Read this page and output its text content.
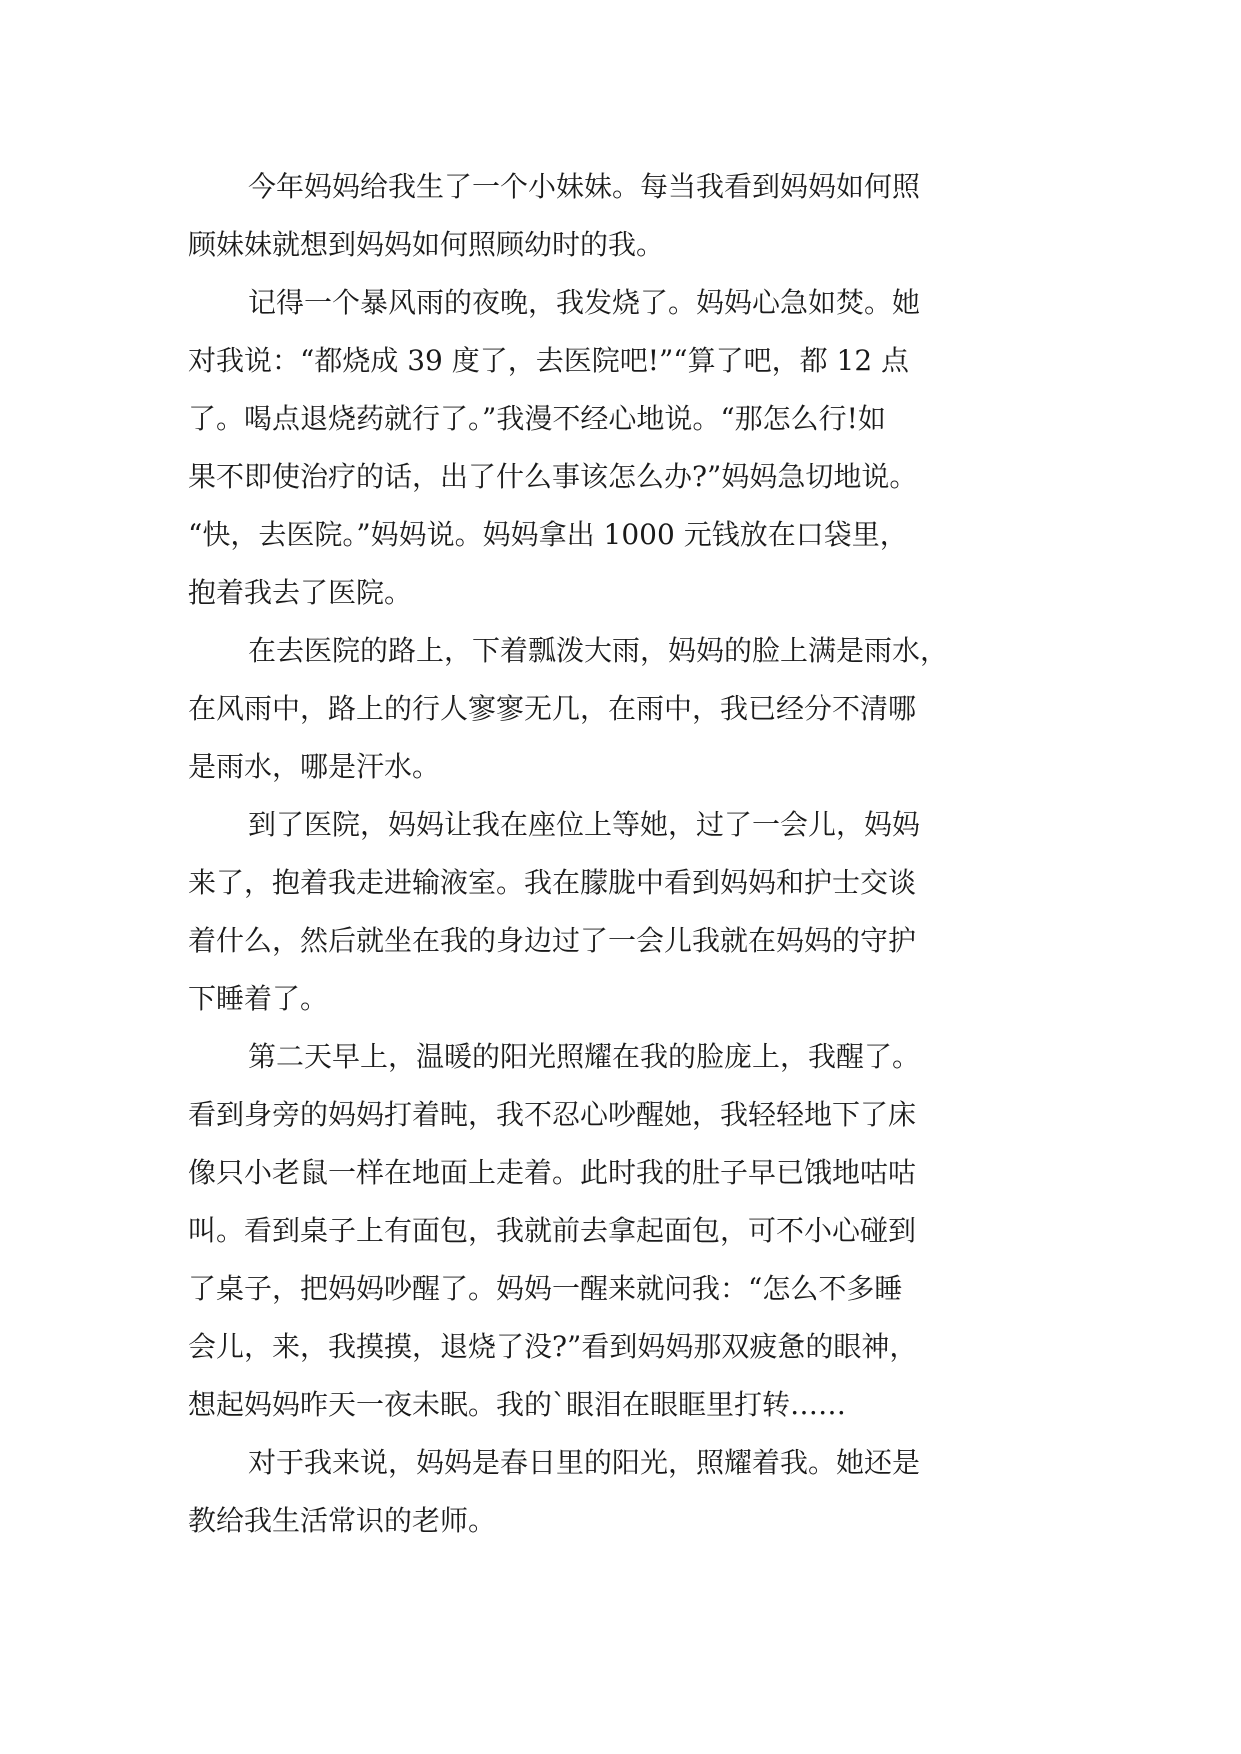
今年妈妈给我生了一个小妹妹。每当我看到妈妈如何照
顾妹妹就想到妈妈如何照顾幼时的我。
记得一个暴风雨的夜晚，我发烧了。妈妈心急如焚。她
对我说：“都烧成 39 度了，去医院吧!”“算了吧，都 12 点
了。喝点退烧药就行了。”我漫不经心地说。“那怎么行!如
果不即使治疗的话，出了什么事该怎么办?”妈妈急切地说。
“快，去医院。”妈妈说。妈妈拿出 1000 元钱放在口袋里，
抱着我去了医院。
在去医院的路上，下着瓢泼大雨，妈妈的脸上满是雨水，
在风雨中，路上的行人寥寥无几，在雨中，我已经分不清哪
是雨水，哪是汗水。
到了医院，妈妈让我在座位上等她，过了一会儿，妈妈
来了，抱着我走进输液室。我在朦胧中看到妈妈和护士交谈
着什么，然后就坐在我的身边过了一会儿我就在妈妈的守护
下睡着了。
第二天早上，温暖的阳光照耀在我的脸庞上，我醒了。
看到身旁的妈妈打着盹，我不忍心吵醒她，我轻轻地下了床
像只小老鼠一样在地面上走着。此时我的肚子早已饿地咕咕
叫。看到桌子上有面包，我就前去拿起面包，可不小心碰到
了桌子，把妈妈吵醒了。妈妈一醒来就问我：“怎么不多睡
会儿，来，我摸摸，退烧了没?”看到妈妈那双疲惫的眼神，
想起妈妈昨天一夜未眠。我的`眼泪在眼眶里打转……
对于我来说，妈妈是春日里的阳光，照耀着我。她还是
教给我生活常识的老师。
